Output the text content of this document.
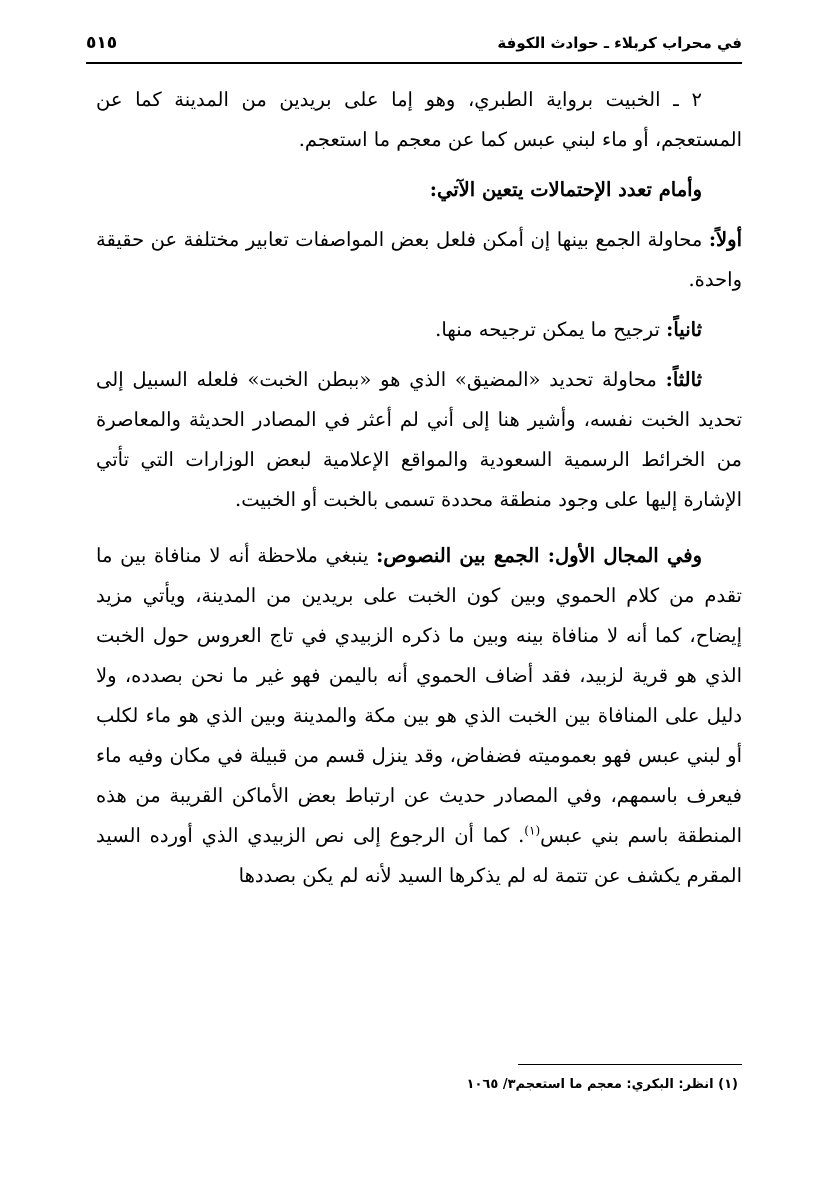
في محراب كربلاء ـ حوادث الكوفة
٥١٥

٢ ـ الخبيت برواية الطبري، وهو إما على بريدين من المدينة كما عن المستعجم، أو ماء لبني عبس كما عن معجم ما استعجم.

وأمام تعدد الإحتمالات يتعين الآتي:

أولاً: محاولة الجمع بينها إن أمكن فلعل بعض المواصفات تعابير مختلفة عن حقيقة واحدة.

ثانياً: ترجيح ما يمكن ترجيحه منها.

ثالثاً: محاولة تحديد «المضيق» الذي هو «ببطن الخبت» فلعله السبيل إلى تحديد الخبت نفسه، وأشير هنا إلى أني لم أعثر في المصادر الحديثة والمعاصرة من الخرائط الرسمية السعودية والمواقع الإعلامية لبعض الوزارات التي تأتي الإشارة إليها على وجود منطقة محددة تسمى بالخبت أو الخبيت.

وفي المجال الأول: الجمع بين النصوص: ينبغي ملاحظة أنه لا منافاة بين ما تقدم من كلام الحموي وبين كون الخبت على بريدين من المدينة، ويأتي مزيد إيضاح، كما أنه لا منافاة بينه وبين ما ذكره الزبيدي في تاج العروس حول الخبت الذي هو قرية لزبيد، فقد أضاف الحموي أنه باليمن فهو غير ما نحن بصدده، ولا دليل على المنافاة بين الخبت الذي هو بين مكة والمدينة وبين الذي هو ماء لكلب أو لبني عبس فهو بعموميته فضفاض، وقد ينزل قسم من قبيلة في مكان وفيه ماء فيعرف باسمهم، وفي المصادر حديث عن ارتباط بعض الأماكن القريبة من هذه المنطقة باسم بني عبس$^{(١)}$. كما أن الرجوع إلى نص الزبيدي الذي أورده السيد المقرم يكشف عن تتمة له لم يذكرها السيد لأنه لم يكن بصددها

(١) انظر: البكري: معجم ما استعجم٣/ ١٠٦٥
